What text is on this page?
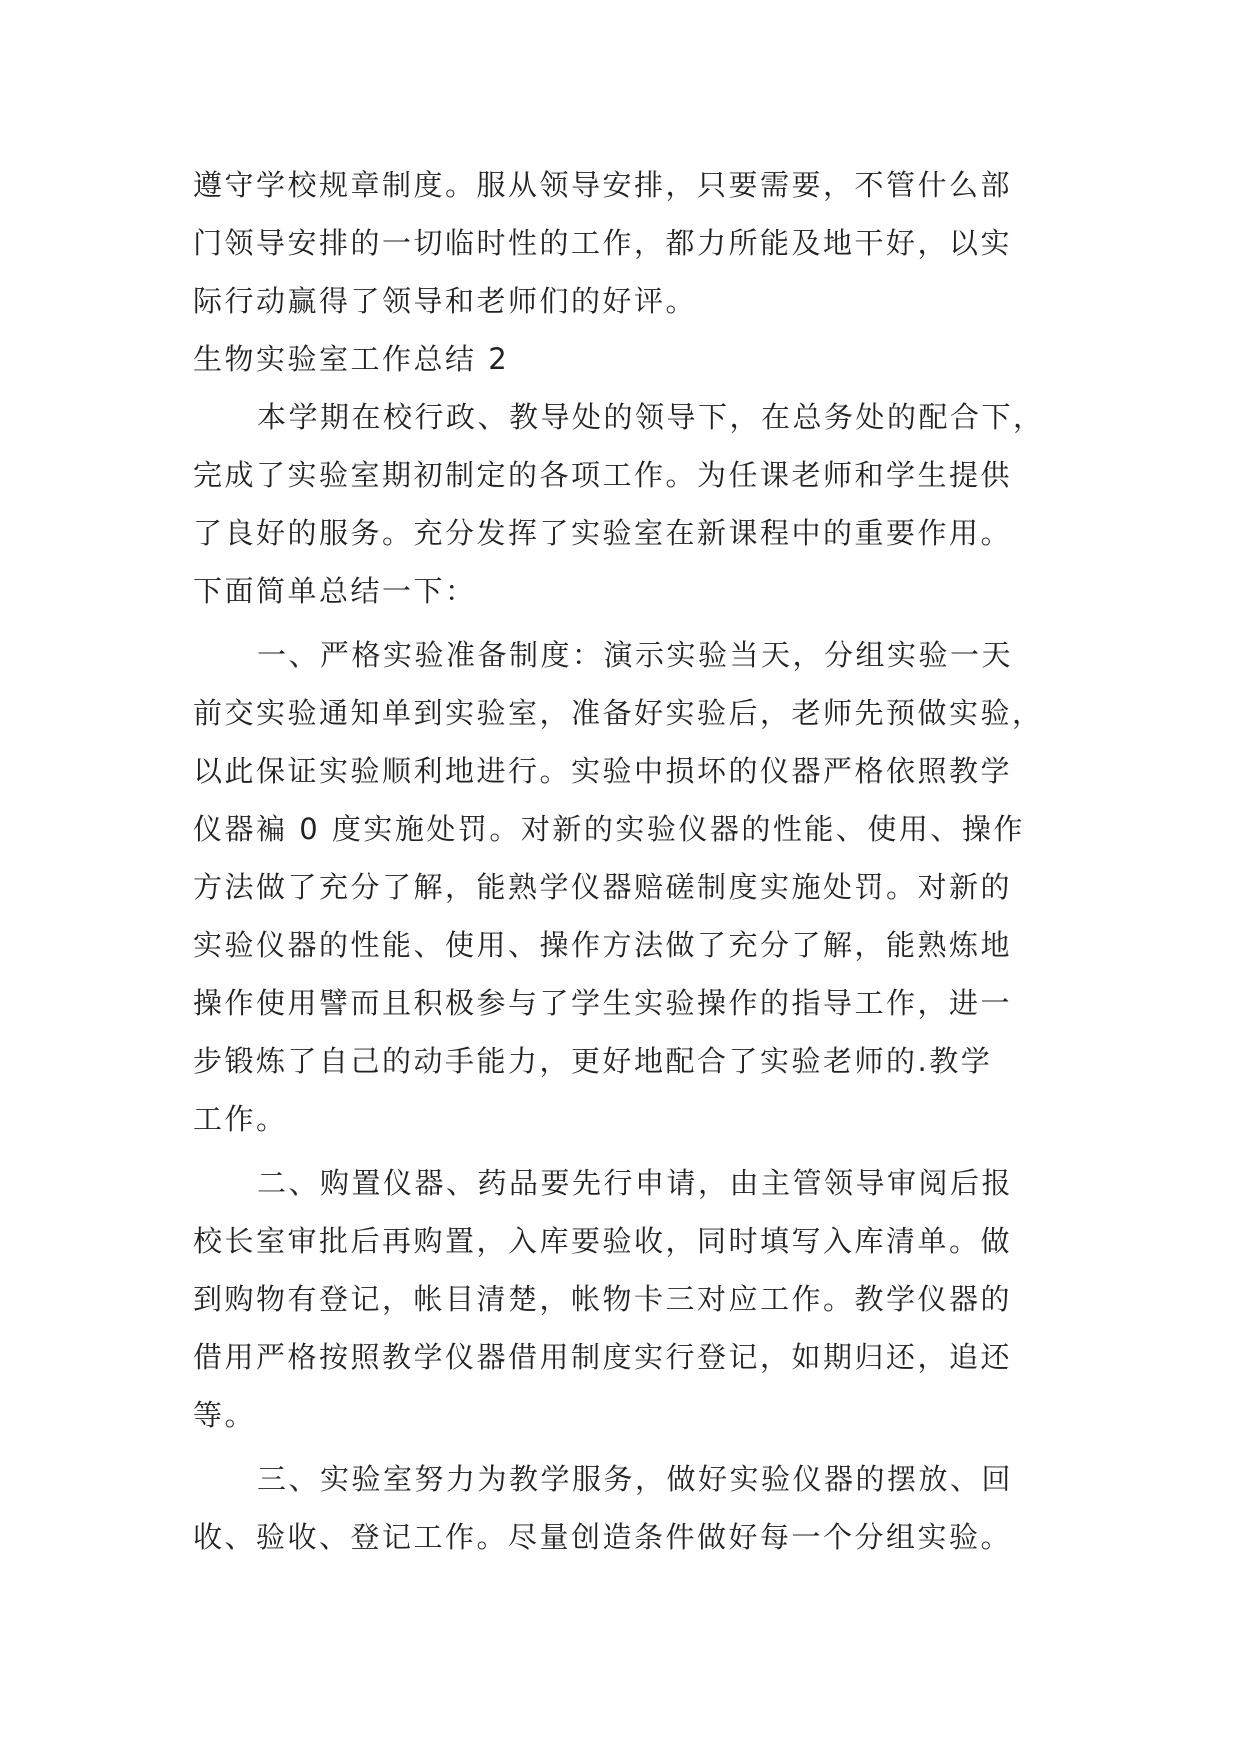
遵守学校规章制度。服从领导安排，只要需要，不管什么部
门领导安排的一切临时性的工作，都力所能及地干好，以实
际行动赢得了领导和老师们的好评。
生物实验室工作总结 2
本学期在校行政、教导处的领导下，在总务处的配合下，
完成了实验室期初制定的各项工作。为任课老师和学生提供
了良好的服务。充分发挥了实验室在新课程中的重要作用。
下面简单总结一下：
一、严格实验准备制度：演示实验当天，分组实验一天
前交实验通知单到实验室，准备好实验后，老师先预做实验，
以此保证实验顺利地进行。实验中损坏的仪器严格依照教学
仪器褊 0 度实施处罚。对新的实验仪器的性能、使用、操作
方法做了充分了解，能熟学仪器赔磋制度实施处罚。对新的
实验仪器的性能、使用、操作方法做了充分了解，能熟炼地
操作使用譬而且积极参与了学生实验操作的指导工作，进一
步锻炼了自己的动手能力，更好地配合了实验老师的.教学
工作。
二、购置仪器、药品要先行申请，由主管领导审阅后报
校长室审批后再购置，入库要验收，同时填写入库清单。做
到购物有登记，帐目清楚，帐物卡三对应工作。教学仪器的
借用严格按照教学仪器借用制度实行登记，如期归还，追还
等。
三、实验室努力为教学服务，做好实验仪器的摆放、回
收、验收、登记工作。尽量创造条件做好每一个分组实验。
